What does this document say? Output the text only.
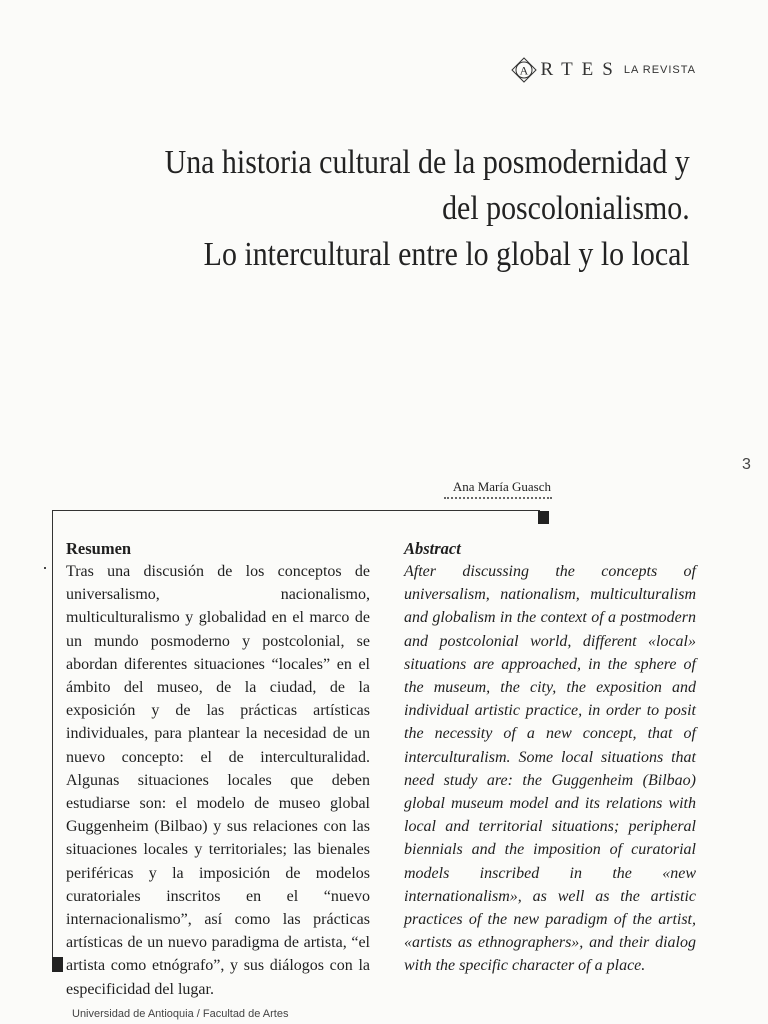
A RTES LA REVISTA
Una historia cultural de la posmodernidad y
del poscolonialismo.
Lo intercultural entre lo global y lo local
3
Ana María Guasch

Resumen

Tras una discusión de los conceptos de universalismo, nacionalismo, multiculturalismo y globalidad en el marco de un mundo posmoderno y postcolonial, se abordan diferentes situaciones “locales” en el ámbito del museo, de la ciudad, de la exposición y de las prácticas artísticas individuales, para plantear la necesidad de un nuevo concepto: el de interculturalidad. Algunas situaciones locales que deben estudiarse son: el modelo de museo global Guggenheim (Bilbao) y sus relaciones con las situaciones locales y territoriales; las bienales periféricas y la imposición de modelos curatoriales inscritos en el “nuevo internacionalismo”, así como las prácticas artísticas de un nuevo paradigma de artista, “el artista como etnógrafo”, y sus diálogos con la especificidad del lugar.

Abstract

After discussing the concepts of universalism, nationalism, multiculturalism and globalism in the context of a postmodern and postcolonial world, different «local» situations are approached, in the sphere of the museum, the city, the exposition and individual artistic practice, in order to posit the necessity of a new concept, that of interculturalism. Some local situations that need study are: the Guggenheim (Bilbao) global museum model and its relations with local and territorial situations; peripheral biennials and the imposition of curatorial models inscribed in the «new internationalism», as well as the artistic practices of the new paradigm of the artist, «artists as ethnographers», and their dialog with the specific character of a place.

Universidad de Antioquia / Facultad de Artes
